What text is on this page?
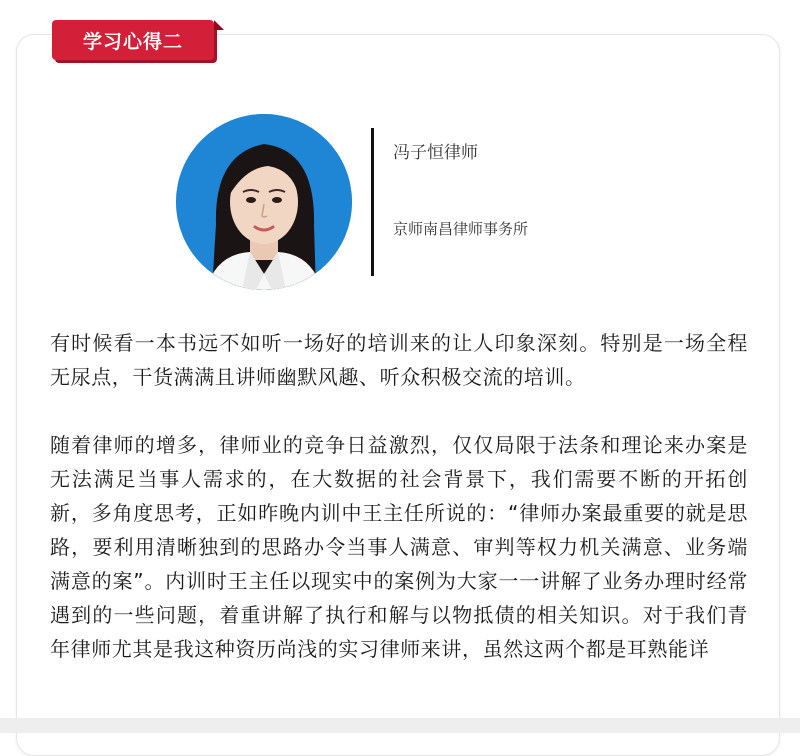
学习心得二
冯子恒律师
京师南昌律师事务所

有时候看一本书远不如听一场好的培训来的让人印象深刻。特别是一场全程无尿点，干货满满且讲师幽默风趣、听众积极交流的培训。

随着律师的增多，律师业的竞争日益激烈，仅仅局限于法条和理论来办案是无法满足当事人需求的，在大数据的社会背景下，我们需要不断的开拓创新，多角度思考，正如昨晚内训中王主任所说的：“律师办案最重要的就是思路，要利用清晰独到的思路办令当事人满意、审判等权力机关满意、业务端满意的案”。内训时王主任以现实中的案例为大家一一讲解了业务办理时经常遇到的一些问题，着重讲解了执行和解与以物抵债的相关知识。对于我们青年律师尤其是我这种资历尚浅的实习律师来讲，虽然这两个都是耳熟能详
